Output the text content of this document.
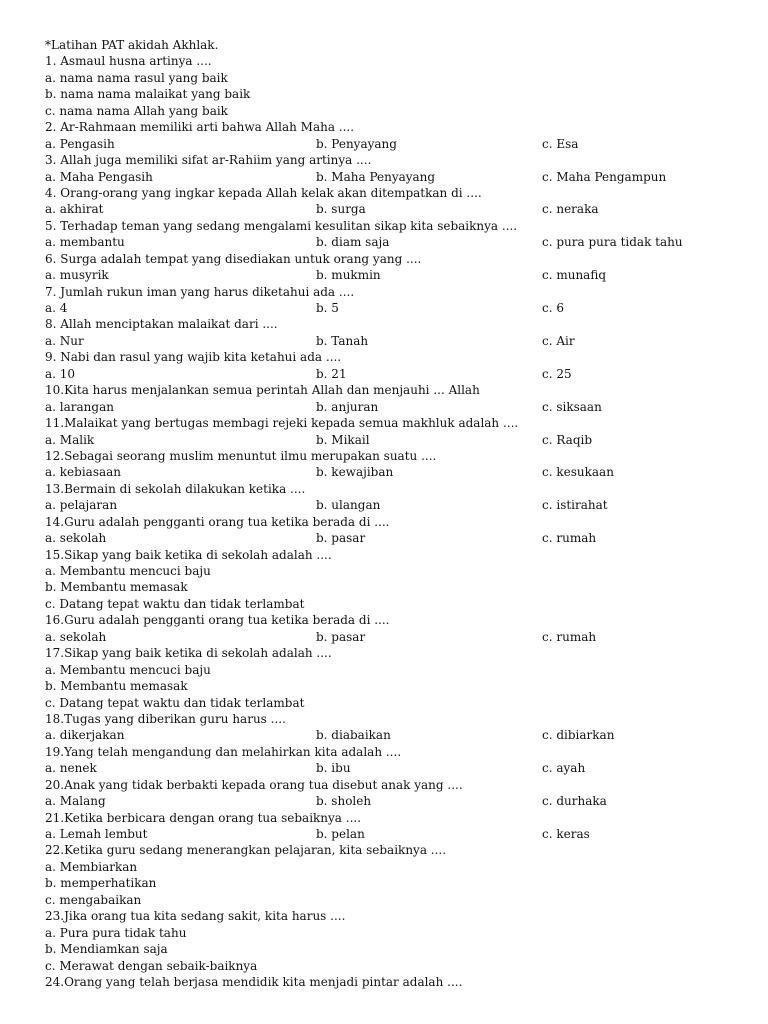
*Latihan PAT akidah Akhlak.
1. Asmaul husna artinya ....
a. nama nama rasul yang baik
b. nama nama malaikat yang baik
c. nama nama Allah yang baik
2. Ar-Rahmaan memiliki arti bahwa Allah Maha ....
a. Pengasih	b. Penyayang	c. Esa
3. Allah juga memiliki sifat ar-Rahiim yang artinya ....
a. Maha Pengasih	b. Maha Penyayang	c. Maha Pengampun
4. Orang-orang yang ingkar kepada Allah kelak akan ditempatkan di ....
a. akhirat	b. surga	c. neraka
5. Terhadap teman yang sedang mengalami kesulitan sikap kita sebaiknya ....
a. membantu	b. diam saja	c. pura pura tidak tahu
6. Surga adalah tempat yang disediakan untuk orang yang ....
a. musyrik	b. mukmin	c. munafiq
7. Jumlah rukun iman yang harus diketahui ada ....
a. 4	b. 5	c. 6
8. Allah menciptakan malaikat dari ....
a. Nur	b. Tanah	c. Air
9. Nabi dan rasul yang wajib kita ketahui ada ....
a. 10	b. 21	c. 25
10.Kita harus menjalankan semua perintah Allah dan menjauhi ... Allah
a. larangan	b. anjuran	c. siksaan
11.Malaikat yang bertugas membagi rejeki kepada semua makhluk adalah ....
a. Malik	b. Mikail	c. Raqib
12.Sebagai seorang muslim menuntut ilmu merupakan suatu ....
a. kebiasaan	b. kewajiban	c. kesukaan
13.Bermain di sekolah dilakukan ketika ....
a. pelajaran	b. ulangan	c. istirahat
14.Guru adalah pengganti orang tua ketika berada di ....
a. sekolah	b. pasar	c. rumah
15.Sikap yang baik ketika di sekolah adalah ....
a. Membantu mencuci baju
b. Membantu memasak
c. Datang tepat waktu dan tidak terlambat
16.Guru adalah pengganti orang tua ketika berada di ....
a. sekolah	b. pasar	c. rumah
17.Sikap yang baik ketika di sekolah adalah ....
a. Membantu mencuci baju
b. Membantu memasak
c. Datang tepat waktu dan tidak terlambat
18.Tugas yang diberikan guru harus ....
a. dikerjakan	b. diabaikan	c. dibiarkan
19.Yang telah mengandung dan melahirkan kita adalah ....
a. nenek	b. ibu	c. ayah
20.Anak yang tidak berbakti kepada orang tua disebut anak yang ....
a. Malang	b. sholeh	c. durhaka
21.Ketika berbicara dengan orang tua sebaiknya ....
a. Lemah lembut	b. pelan	c. keras
22.Ketika guru sedang menerangkan pelajaran, kita sebaiknya ....
a. Membiarkan
b. memperhatikan
c. mengabaikan
23.Jika orang tua kita sedang sakit, kita harus ....
a. Pura pura tidak tahu
b. Mendiamkan saja
c. Merawat dengan sebaik-baiknya
24.Orang yang telah berjasa mendidik kita menjadi pintar adalah ....
